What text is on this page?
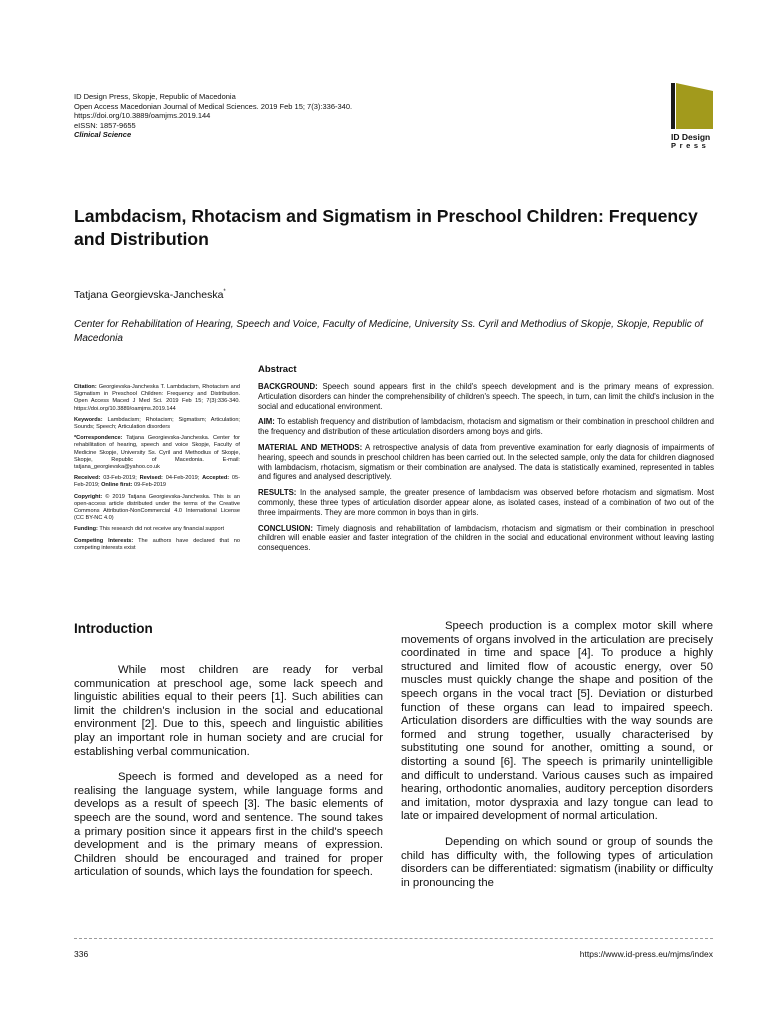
ID Design Press, Skopje, Republic of Macedonia
Open Access Macedonian Journal of Medical Sciences. 2019 Feb 15; 7(3):336-340.
https://doi.org/10.3889/oamjms.2019.144
eISSN: 1857-9655
Clinical Science	ID Design
Press
Lambdacism, Rhotacism and Sigmatism in Preschool Children: Frequency and Distribution
Tatjana Georgievska-Jancheska*
Center for Rehabilitation of Hearing, Speech and Voice, Faculty of Medicine, University Ss. Cyril and Methodius of Skopje, Skopje, Republic of Macedonia
Abstract

BACKGROUND: Speech sound appears first in the child's speech development and is the primary means of expression. Articulation disorders can hinder the comprehensibility of children's speech. The speech, in turn, can limit the child's inclusion in the social and educational environment.

AIM: To establish frequency and distribution of lambdacism, rhotacism and sigmatism or their combination in preschool children and the frequency and distribution of these articulation disorders among boys and girls.

MATERIAL AND METHODS: A retrospective analysis of data from preventive examination for early diagnosis of impairments of hearing, speech and sounds in preschool children has been carried out. In the selected sample, only the data for children diagnosed with lambdacism, rhotacism, sigmatism or their combination are analysed. The data is statistically examined, represented in tables and figures and analysed descriptively.

RESULTS: In the analysed sample, the greater presence of lambdacism was observed before rhotacism and sigmatism. Most commonly, these three types of articulation disorder appear alone, as isolated cases, instead of a combination of two out of the three impairments. They are more common in boys than in girls.

CONCLUSION: Timely diagnosis and rehabilitation of lambdacism, rhotacism and sigmatism or their combination in preschool children will enable easier and faster integration of the children in the social and educational environment without leaving lasting consequences.

Citation: Georgievska-Jancheska T. Lambdacism, Rhotacism and Sigmatism in Preschool Children: Frequency and Distribution. Open Access Maced J Med Sci. 2019 Feb 15; 7(3):336-340. https://doi.org/10.3889/oamjms.2019.144

Keywords: Lambdacism; Rhotacism; Sigmatism; Articulation; Sounds; Speech; Articulation disorders

*Correspondence: Tatjana Georgievska-Jancheska. Center for rehabilitation of hearing, speech and voice Skopje, Faculty of Medicine Skopje, University Ss. Cyril and Methodius of Skopje, Skopje, Republic of Macedonia. E-mail: tatjana_georgievska@yahoo.co.uk

Received: 03-Feb-2019; Revised: 04-Feb-2019; Accepted: 05-Feb-2019; Online first: 09-Feb-2019

Copyright: © 2019 Tatjana Georgievska-Jancheska. This is an open-access article distributed under the terms of the Creative Commons Attribution-NonCommercial 4.0 International License (CC BY-NC 4.0)

Funding: This research did not receive any financial support

Competing Interests: The authors have declared that no competing interests exist

Introduction

While most children are ready for verbal communication at preschool age, some lack speech and linguistic abilities equal to their peers [1]. Such abilities can limit the children's inclusion in the social and educational environment [2]. Due to this, speech and linguistic abilities play an important role in human society and are crucial for establishing verbal communication.

Speech is formed and developed as a need for realising the language system, while language forms and develops as a result of speech [3]. The basic elements of speech are the sound, word and sentence. The sound takes a primary position since it appears first in the child's speech development and is the primary means of expression. Children should be encouraged and trained for proper articulation of sounds, which lays the foundation for speech.

Speech production is a complex motor skill where movements of organs involved in the articulation are precisely coordinated in time and space [4]. To produce a highly structured and limited flow of acoustic energy, over 50 muscles must quickly change the shape and position of the speech organs in the vocal tract [5]. Deviation or disturbed function of these organs can lead to impaired speech. Articulation disorders are difficulties with the way sounds are formed and strung together, usually characterised by substituting one sound for another, omitting a sound, or distorting a sound [6]. The speech is primarily unintelligible and difficult to understand. Various causes such as impaired hearing, orthodontic anomalies, auditory perception disorders and imitation, motor dyspraxia and lazy tongue can lead to late or impaired development of normal articulation.

Depending on which sound or group of sounds the child has difficulty with, the following types of articulation disorders can be differentiated: sigmatism (inability or difficulty in pronouncing the

336	https://www.id-press.eu/mjms/index
